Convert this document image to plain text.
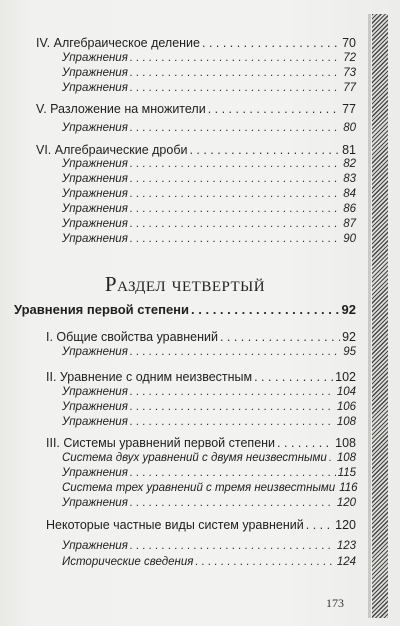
IV. Алгебраическое деление . . .	70
Упражнения . . .	72
Упражнения . . .	73
Упражнения . . .	77
V. Разложение на множители . . .	77
Упражнения . . .	80
VI. Алгебраические дроби . . .	81
Упражнения . . .	82
Упражнения . . .	83
Упражнения . . .	84
Упражнения . . .	86
Упражнения . . .	87
Упражнения . . .	90
Уравнения первой степени . . .	92
I. Общие свойства уравнений . . .	92
Упражнения . . .	95
II. Уравнение с одним неизвестным . . .	102
Упражнения . . .	104
Упражнения . . .	106
Упражнения . . .	108
III. Системы уравнений первой степени . . .	108
Система двух уравнений с двумя неизвестными . . . 108
Упражнения . . .	115
Система трех уравнений с тремя неизвестными 116
Упражнения . . .	120
Некоторые частные виды систем уравнений . . .	120
Упражнения . . .	123
Исторические сведения . . .	124
Раздел четвертый
173
